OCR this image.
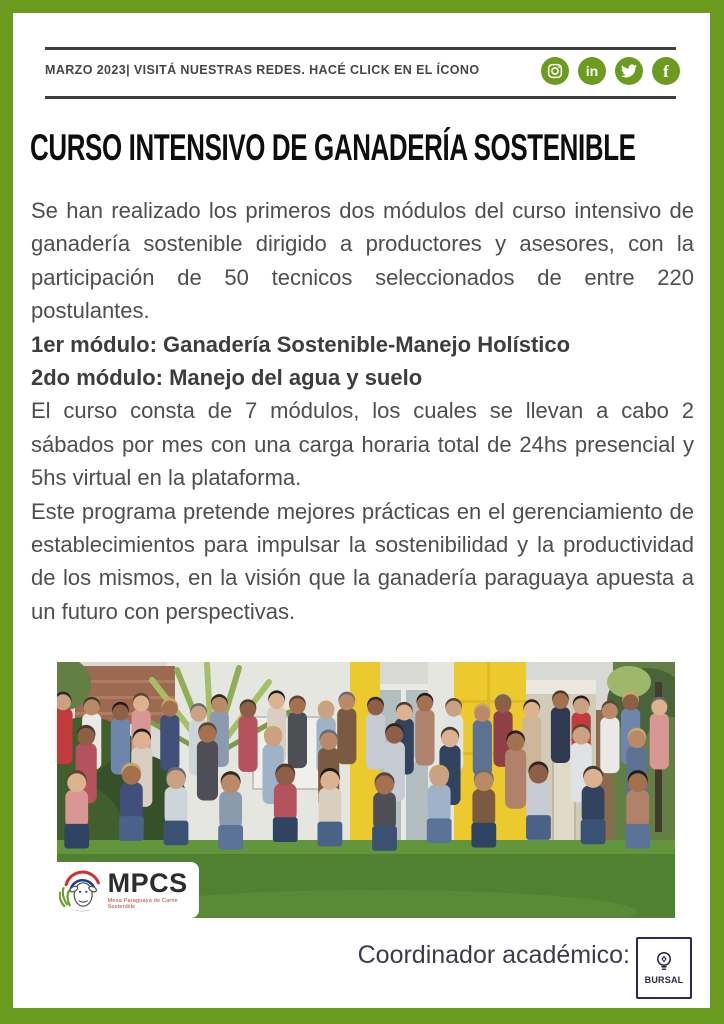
MARZO 2023| VISITÁ NUESTRAS REDES. HACÉ CLICK EN EL ÍCONO	in	f
CURSO INTENSIVO DE GANADERÍA SOSTENIBLE
Se han realizado los primeros dos módulos del curso intensivo de ganadería sostenible dirigido a productores y asesores, con la participación de 50 tecnicos seleccionados de entre 220 postulantes.
1er módulo: Ganadería Sostenible-Manejo Holístico
2do módulo: Manejo del agua y suelo
El curso consta de 7 módulos, los cuales se llevan a cabo 2 sábados por mes con una carga horaria total de 24hs presencial y 5hs virtual en la plataforma.
Este programa pretende mejores prácticas en el gerenciamiento de establecimientos para impulsar la sostenibilidad y la productividad de los mismos, en la visión que la ganadería paraguaya apuesta a un futuro con perspectivas.
MPCS
Mesa Paraguaya de Carne Sostenible
Coordinador académico:
BURSAL
